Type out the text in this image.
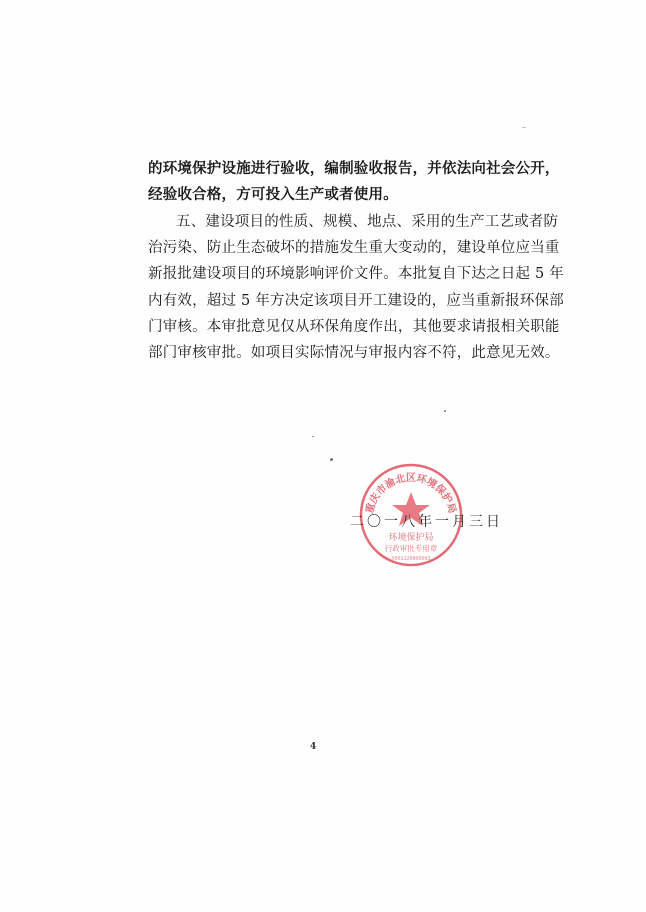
的环境保护设施进行验收，编制验收报告，并依法向社会公开，
经验收合格，方可投入生产或者使用。
五、建设项目的性质、规模、地点、采用的生产工艺或者防
治污染、防止生态破坏的措施发生重大变动的，建设单位应当重
新报批建设项目的环境影响评价文件。本批复自下达之日起 5 年
内有效，超过 5 年方决定该项目开工建设的，应当重新报环保部
门审核。本审批意见仅从环保角度作出，其他要求请报相关职能
部门审核审批。如项目实际情况与审报内容不符，此意见无效。
重庆市渝北区环境保护局
环境保护局
行政审批专用章
5001120000003
二〇一八年一月三日
4
